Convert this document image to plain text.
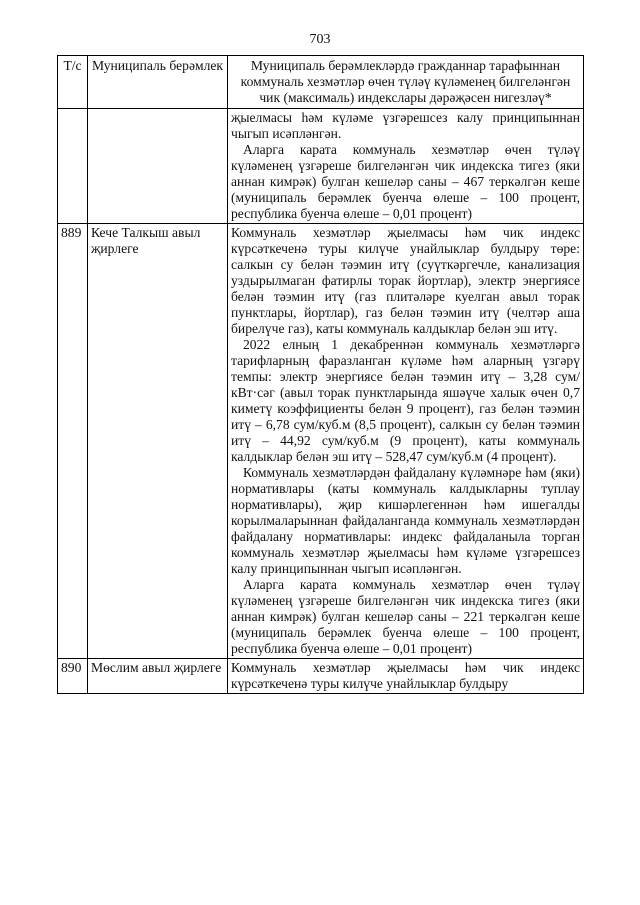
703
Т/с	Муниципаль берәмлек	Муниципаль берәмлекләрдә гражданнар тарафыннан коммуналь хезмәтләр өчен түләү күләменең билгеләнгән чик (максималь) индекслары дәрәҗәсен нигезләү*

		җыелмасы һәм күләме үзгәрешсез калу принципыннан чыгып исәпләнгән.
Аларга карата коммуналь хезмәтләр өчен түләү күләменең үзгәреше билгеләнгән чик индекска тигез (яки аннан кимрәк) булган кешеләр саны – 467 теркәлгән кеше (муниципаль берәмлек буенча өлеше – 100 процент, республика буенча өлеше – 0,01 процент)

889	Кече Талкыш авыл җирлеге	Коммуналь хезмәтләр җыелмасы һәм чик индекс күрсәткеченә туры килүче унайлыклар булдыру төре: салкын су белән тәэмин итү (суүткәргечле, канализация уздырылмаган фатирлы торак йортлар), электр энергиясе белән тәэмин итү (газ плитәләре куелган авыл торак пунктлары, йортлар), газ белән тәэмин итү (челтәр аша бирелүче газ), каты коммуналь калдыклар белән эш итү.
2022 елның 1 декабреннән коммуналь хезмәтләргә тарифларның фаразланган күләме һәм аларның үзгәрү темпы: электр энергиясе белән тәэмин итү – 3,28 сум/кВт·сәг (авыл торак пунктларында яшәүче халык өчен 0,7 киметү коэффициенты белән 9 процент), газ белән тәэмин итү – 6,78 сум/куб.м (8,5 процент), салкын су белән тәэмин итү – 44,92 сум/куб.м (9 процент), каты коммуналь калдыклар белән эш итү – 528,47 сум/куб.м (4 процент).
Коммуналь хезмәтләрдән файдалану күләмнәре һәм (яки) нормативлары (каты коммуналь калдыкларны туплау нормативлары), җир кишәрлегеннән һәм ишегалды корылмаларыннан файдаланганда коммуналь хезмәтләрдән файдалану нормативлары: индекс файдаланыла торган коммуналь хезмәтләр җыелмасы һәм күләме үзгәрешсез калу принципыннан чыгып исәпләнгән.
Аларга карата коммуналь хезмәтләр өчен түләү күләменең үзгәреше билгеләнгән чик индекска тигез (яки аннан кимрәк) булган кешеләр саны – 221 теркәлгән кеше (муниципаль берәмлек буенча өлеше – 100 процент, республика буенча өлеше – 0,01 процент)

890	Мөслим авыл җирлеге	Коммуналь хезмәтләр җыелмасы һәм чик индекс күрсәткеченә туры килүче унайлыклар булдыру
